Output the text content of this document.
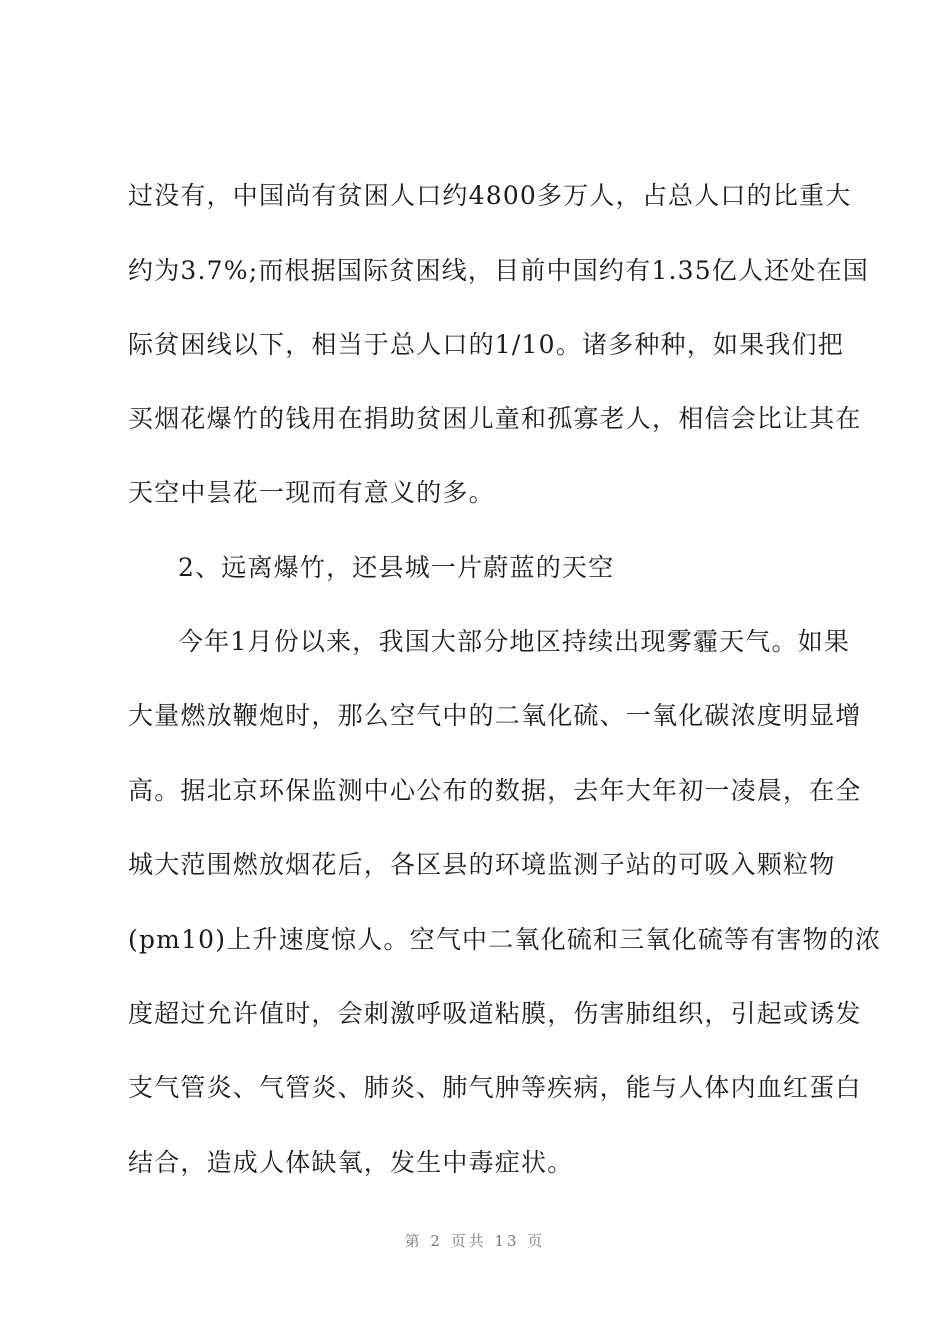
过没有，中国尚有贫困人口约4800多万人，占总人口的比重大
约为3.7%;而根据国际贫困线，目前中国约有1.35亿人还处在国
际贫困线以下，相当于总人口的1/10。诸多种种，如果我们把
买烟花爆竹的钱用在捐助贫困儿童和孤寡老人，相信会比让其在
天空中昙花一现而有意义的多。
2、远离爆竹，还县城一片蔚蓝的天空
今年1月份以来，我国大部分地区持续出现雾霾天气。如果
大量燃放鞭炮时，那么空气中的二氧化硫、一氧化碳浓度明显增
高。据北京环保监测中心公布的数据，去年大年初一凌晨，在全
城大范围燃放烟花后，各区县的环境监测子站的可吸入颗粒物
(pm10)上升速度惊人。空气中二氧化硫和三氧化硫等有害物的浓
度超过允许值时，会刺激呼吸道粘膜，伤害肺组织，引起或诱发
支气管炎、气管炎、肺炎、肺气肿等疾病，能与人体内血红蛋白
结合，造成人体缺氧，发生中毒症状。
第 2 页共 13 页
